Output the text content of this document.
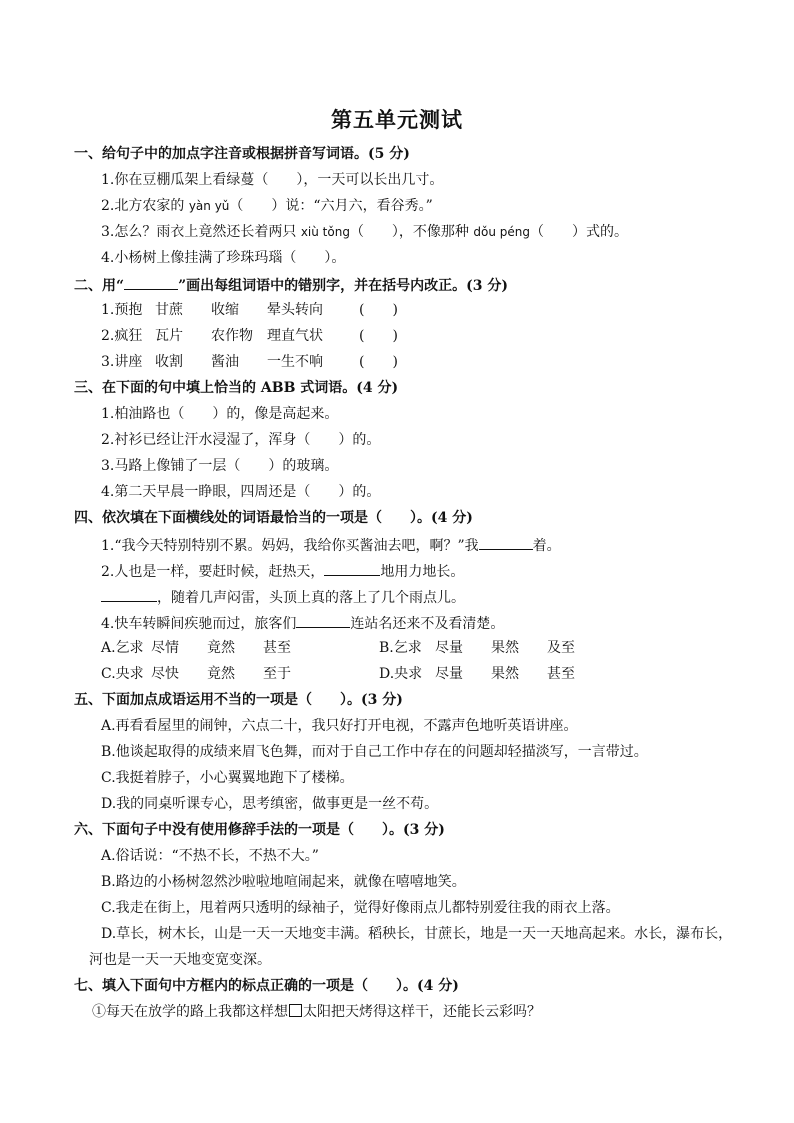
第五单元测试
一、给句子中的加点字注音或根据拼音写词语。(5 分)
1.你在豆棚瓜架上看绿蔓（　　），一天可以长出几寸。
2.北方农家的 yàn yǔ（　　）说：“六月六，看谷秀。”
3.怎么？雨衣上竟然还长着两只 xiù tǒng（　　），不像那种 dǒu péng（　　）式的。
4.小杨树上像挂满了珍珠玛瑙（　　）。
二、用“	”画出每组词语中的错别字，并在括号内改正。(3 分)
1.预抱 甘蔗 收缩 晕头转向	(　　)
2.疯狂 瓦片 农作物 理直气状	(　　)
3.讲座 收割 酱油 一生不响	(　　)
三、在下面的句中填上恰当的 ABB 式词语。(4 分)
1.柏油路也（　　）的，像是高起来。
2.衬衫已经让汗水浸湿了，浑身（　　）的。
3.马路上像铺了一层（　　）的玻璃。
4.第二天早晨一睁眼，四周还是（　　）的。
四、依次填在下面横线处的词语最恰当的一项是（　　）。(4 分)
1.“我今天特别特别不累。妈妈，我给你买酱油去吧，啊？”我	着。
2.人也是一样，要赶时候，赶热天，	地用力地长。
，随着几声闷雷，头顶上真的落上了几个雨点儿。
4.快车转瞬间疾驰而过，旅客们	连站名还来不及看清楚。
A.乞求 尽情 竟然 甚至	B.乞求 尽量 果然 及至
C.央求 尽快 竟然 至于	D.央求 尽量 果然 甚至
五、下面加点成语运用不当的一项是（　　）。(3 分)
A.再看看屋里的闹钟，六点二十，我只好打开电视，不露声色地听英语讲座。
B.他谈起取得的成绩来眉飞色舞，而对于自己工作中存在的问题却轻描淡写，一言带过。
C.我挺着脖子，小心翼翼地跑下了楼梯。
D.我的同桌听课专心，思考缜密，做事更是一丝不苟。
六、下面句子中没有使用修辞手法的一项是（　　）。(3 分)
A.俗话说：“不热不长，不热不大。”
B.路边的小杨树忽然沙啦啦地喧闹起来，就像在嘻嘻地笑。
C.我走在街上，甩着两只透明的绿袖子，觉得好像雨点儿都特别爱往我的雨衣上落。
D.草长，树木长，山是一天一天地变丰满。稻秧长，甘蔗长，地是一天一天地高起来。水长，瀑布长，
河也是一天一天地变宽变深。
七、填入下面句中方框内的标点正确的一项是（　　）。(4 分)
①每天在放学的路上我都这样想 太阳把天烤得这样干，还能长云彩吗？
